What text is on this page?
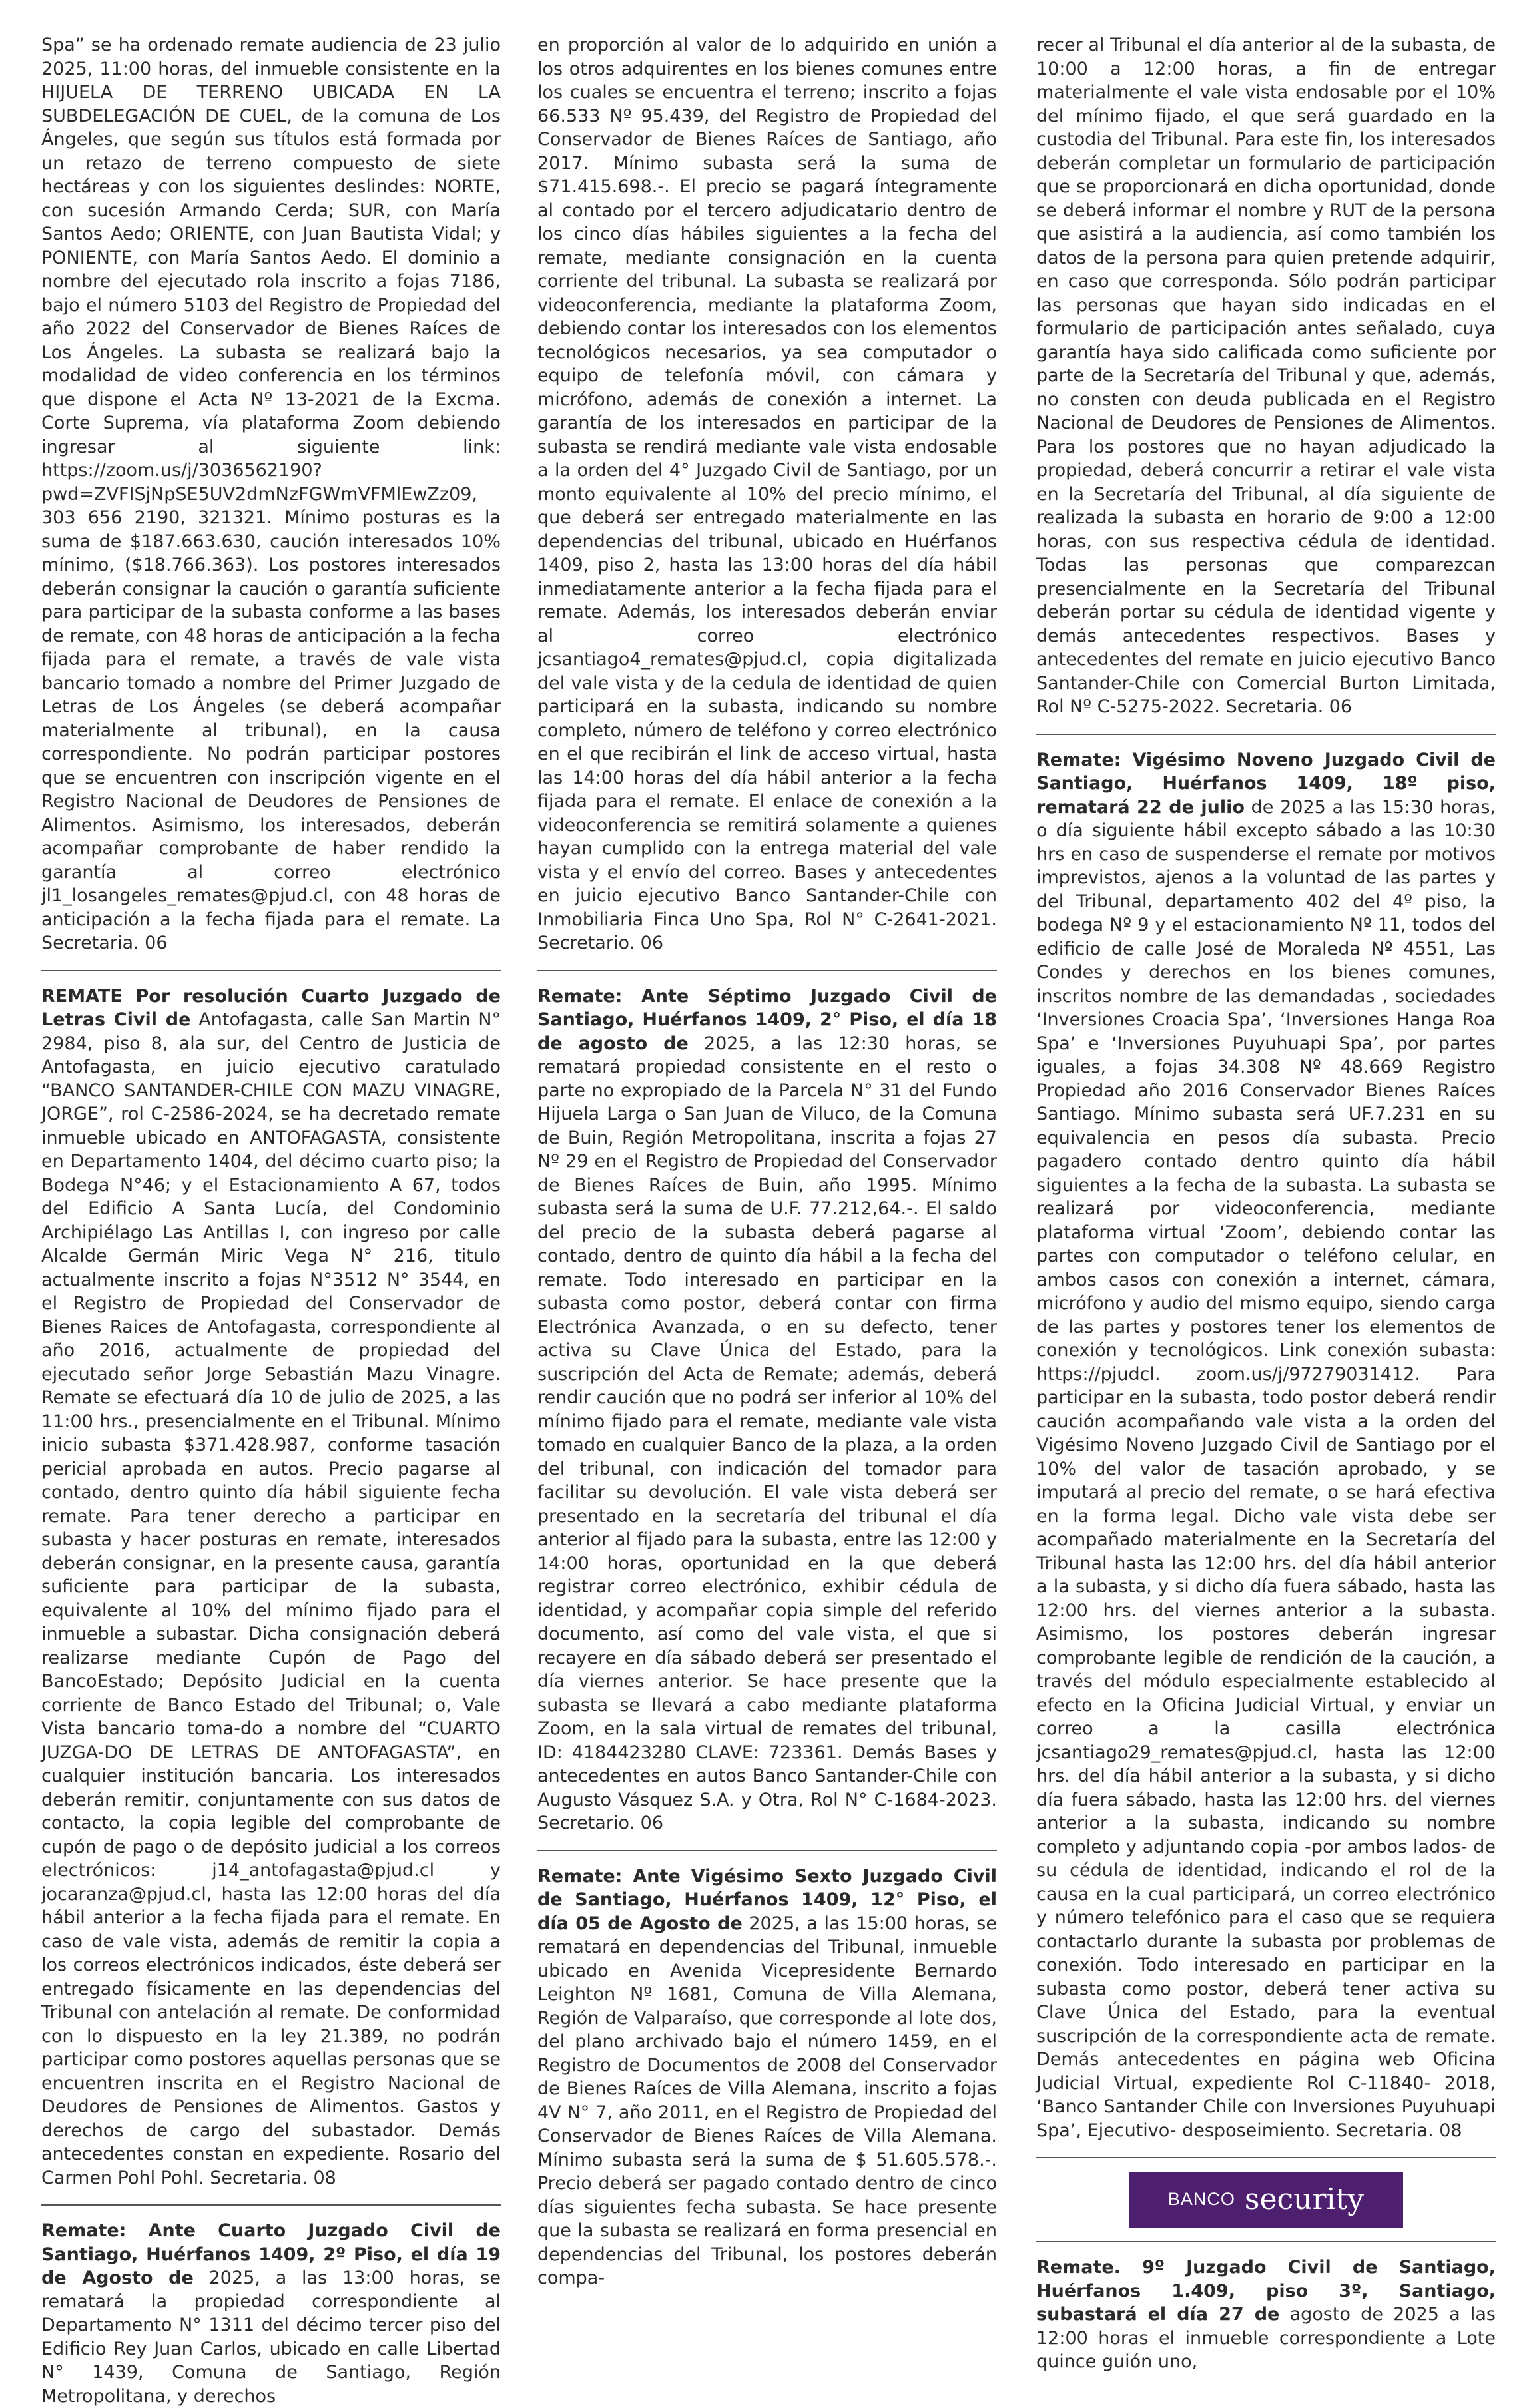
Spa” se ha ordenado remate audiencia de 23 julio 2025, 11:00 horas, del inmueble consistente en la HIJUELA DE TERRENO UBICADA EN LA SUBDELEGACIÓN DE CUEL, de la comuna de Los Ángeles, que según sus títulos está formada por un retazo de terreno compuesto de siete hectáreas y con los siguientes deslindes: NORTE, con sucesión Armando Cerda; SUR, con María Santos Aedo; ORIENTE, con Juan Bautista Vidal; y PONIENTE, con María Santos Aedo. El dominio a nombre del ejecutado rola inscrito a fojas 7186, bajo el número 5103 del Registro de Propiedad del año 2022 del Conservador de Bienes Raíces de Los Ángeles. La subasta se realizará bajo la modalidad de video conferencia en los términos que dispone el Acta Nº 13-2021 de la Excma. Corte Suprema, vía plataforma Zoom debiendo ingresar al siguiente link: https://zoom.us/j/3036562190?pwd=ZVFISjNpSE5UV2dmNzFGWmVFMlEwZz09, 303 656 2190, 321321. Mínimo posturas es la suma de $187.663.630, caución interesados 10% mínimo, ($18.766.363). Los postores interesados deberán consignar la caución o garantía suficiente para participar de la subasta conforme a las bases de remate, con 48 horas de anticipación a la fecha fijada para el remate, a través de vale vista bancario tomado a nombre del Primer Juzgado de Letras de Los Ángeles (se deberá acompañar materialmente al tribunal), en la causa correspondiente. No podrán participar postores que se encuentren con inscripción vigente en el Registro Nacional de Deudores de Pensiones de Alimentos. Asimismo, los interesados, deberán acompañar comprobante de haber rendido la garantía al correo electrónico jl1_losangeles_remates@pjud.cl, con 48 horas de anticipación a la fecha fijada para el remate. La Secretaria. 06

REMATE Por resolución Cuarto Juzgado de Letras Civil de Antofagasta, calle San Martin N° 2984, piso 8, ala sur, del Centro de Justicia de Antofagasta, en juicio ejecutivo caratulado “BANCO SANTANDER-CHILE CON MAZU VINAGRE, JORGE”, rol C-2586-2024, se ha decretado remate inmueble ubicado en ANTOFAGASTA, consistente en Departamento 1404, del décimo cuarto piso; la Bodega N°46; y el Estacionamiento A 67, todos del Edificio A Santa Lucía, del Condominio Archipiélago Las Antillas I, con ingreso por calle Alcalde Germán Miric Vega N° 216, titulo actualmente inscrito a fojas N°3512 N° 3544, en el Registro de Propiedad del Conservador de Bienes Raices de Antofagasta, correspondiente al año 2016, actualmente de propiedad del ejecutado señor Jorge Sebastián Mazu Vinagre. Remate se efectuará día 10 de julio de 2025, a las 11:00 hrs., presencialmente en el Tribunal. Mínimo inicio subasta $371.428.987, conforme tasación pericial aprobada en autos. Precio pagarse al contado, dentro quinto día hábil siguiente fecha remate. Para tener derecho a participar en subasta y hacer posturas en remate, interesados deberán consignar, en la presente causa, garantía suficiente para participar de la subasta, equivalente al 10% del mínimo fijado para el inmueble a subastar. Dicha consignación deberá realizarse mediante Cupón de Pago del BancoEstado; Depósito Judicial en la cuenta corriente de Banco Estado del Tribunal; o, Vale Vista bancario toma-do a nombre del “CUARTO JUZGA-DO DE LETRAS DE ANTOFAGASTA”, en cualquier institución bancaria. Los interesados deberán remitir, conjuntamente con sus datos de contacto, la copia legible del comprobante de cupón de pago o de depósito judicial a los correos electrónicos: j14_antofagasta@pjud.cl y jocaranza@pjud.cl, hasta las 12:00 horas del día hábil anterior a la fecha fijada para el remate. En caso de vale vista, además de remitir la copia a los correos electrónicos indicados, éste deberá ser entregado físicamente en las dependencias del Tribunal con antelación al remate. De conformidad con lo dispuesto en la ley 21.389, no podrán participar como postores aquellas personas que se encuentren inscrita en el Registro Nacional de Deudores de Pensiones de Alimentos. Gastos y derechos de cargo del subastador. Demás antecedentes constan en expediente. Rosario del Carmen Pohl Pohl. Secretaria. 08

Remate: Ante Cuarto Juzgado Civil de Santiago, Huérfanos 1409, 2º Piso, el día 19 de Agosto de 2025, a las 13:00 horas, se rematará la propiedad correspondiente al Departamento N° 1311 del décimo tercer piso del Edificio Rey Juan Carlos, ubicado en calle Libertad N° 1439, Comuna de Santiago, Región Metropolitana, y derechos

en proporción al valor de lo adquirido en unión a los otros adquirentes en los bienes comunes entre los cuales se encuentra el terreno; inscrito a fojas 66.533 Nº 95.439, del Registro de Propiedad del Conservador de Bienes Raíces de Santiago, año 2017. Mínimo subasta será la suma de $71.415.698.-. El precio se pagará íntegramente al contado por el tercero adjudicatario dentro de los cinco días hábiles siguientes a la fecha del remate, mediante consignación en la cuenta corriente del tribunal. La subasta se realizará por videoconferencia, mediante la plataforma Zoom, debiendo contar los interesados con los elementos tecnológicos necesarios, ya sea computador o equipo de telefonía móvil, con cámara y micrófono, además de conexión a internet. La garantía de los interesados en participar de la subasta se rendirá mediante vale vista endosable a la orden del 4° Juzgado Civil de Santiago, por un monto equivalente al 10% del precio mínimo, el que deberá ser entregado materialmente en las dependencias del tribunal, ubicado en Huérfanos 1409, piso 2, hasta las 13:00 horas del día hábil inmediatamente anterior a la fecha fijada para el remate. Además, los interesados deberán enviar al correo electrónico jcsantiago4_remates@pjud.cl, copia digitalizada del vale vista y de la cedula de identidad de quien participará en la subasta, indicando su nombre completo, número de teléfono y correo electrónico en el que recibirán el link de acceso virtual, hasta las 14:00 horas del día hábil anterior a la fecha fijada para el remate. El enlace de conexión a la videoconferencia se remitirá solamente a quienes hayan cumplido con la entrega material del vale vista y el envío del correo. Bases y antecedentes en juicio ejecutivo Banco Santander-Chile con Inmobiliaria Finca Uno Spa, Rol N° C-2641-2021. Secretario. 06

Remate: Ante Séptimo Juzgado Civil de Santiago, Huérfanos 1409, 2° Piso, el día 18 de agosto de 2025, a las 12:30 horas, se rematará propiedad consistente en el resto o parte no expropiado de la Parcela N° 31 del Fundo Hijuela Larga o San Juan de Viluco, de la Comuna de Buin, Región Metropolitana, inscrita a fojas 27 Nº 29 en el Registro de Propiedad del Conservador de Bienes Raíces de Buin, año 1995. Mínimo subasta será la suma de U.F. 77.212,64.-. El saldo del precio de la subasta deberá pagarse al contado, dentro de quinto día hábil a la fecha del remate. Todo interesado en participar en la subasta como postor, deberá contar con firma Electrónica Avanzada, o en su defecto, tener activa su Clave Única del Estado, para la suscripción del Acta de Remate; además, deberá rendir caución que no podrá ser inferior al 10% del mínimo fijado para el remate, mediante vale vista tomado en cualquier Banco de la plaza, a la orden del tribunal, con indicación del tomador para facilitar su devolución. El vale vista deberá ser presentado en la secretaría del tribunal el día anterior al fijado para la subasta, entre las 12:00 y 14:00 horas, oportunidad en la que deberá registrar correo electrónico, exhibir cédula de identidad, y acompañar copia simple del referido documento, así como del vale vista, el que si recayere en día sábado deberá ser presentado el día viernes anterior. Se hace presente que la subasta se llevará a cabo mediante plataforma Zoom, en la sala virtual de remates del tribunal, ID: 4184423280 CLAVE: 723361. Demás Bases y antecedentes en autos Banco Santander-Chile con Augusto Vásquez S.A. y Otra, Rol N° C-1684-2023. Secretario. 06

Remate: Ante Vigésimo Sexto Juzgado Civil de Santiago, Huérfanos 1409, 12° Piso, el día 05 de Agosto de 2025, a las 15:00 horas, se rematará en dependencias del Tribunal, inmueble ubicado en Avenida Vicepresidente Bernardo Leighton Nº 1681, Comuna de Villa Alemana, Región de Valparaíso, que corresponde al lote dos, del plano archivado bajo el número 1459, en el Registro de Documentos de 2008 del Conservador de Bienes Raíces de Villa Alemana, inscrito a fojas 4V N° 7, año 2011, en el Registro de Propiedad del Conservador de Bienes Raíces de Villa Alemana. Mínimo subasta será la suma de $ 51.605.578.-. Precio deberá ser pagado contado dentro de cinco días siguientes fecha subasta. Se hace presente que la subasta se realizará en forma presencial en dependencias del Tribunal, los postores deberán compa-

recer al Tribunal el día anterior al de la subasta, de 10:00 a 12:00 horas, a fin de entregar materialmente el vale vista endosable por el 10% del mínimo fijado, el que será guardado en la custodia del Tribunal. Para este fin, los interesados deberán completar un formulario de participación que se proporcionará en dicha oportunidad, donde se deberá informar el nombre y RUT de la persona que asistirá a la audiencia, así como también los datos de la persona para quien pretende adquirir, en caso que corresponda. Sólo podrán participar las personas que hayan sido indicadas en el formulario de participación antes señalado, cuya garantía haya sido calificada como suficiente por parte de la Secretaría del Tribunal y que, además, no consten con deuda publicada en el Registro Nacional de Deudores de Pensiones de Alimentos. Para los postores que no hayan adjudicado la propiedad, deberá concurrir a retirar el vale vista en la Secretaría del Tribunal, al día siguiente de realizada la subasta en horario de 9:00 a 12:00 horas, con sus respectiva cédula de identidad. Todas las personas que comparezcan presencialmente en la Secretaría del Tribunal deberán portar su cédula de identidad vigente y demás antecedentes respectivos. Bases y antecedentes del remate en juicio ejecutivo Banco Santander-Chile con Comercial Burton Limitada, Rol Nº C-5275-2022. Secretaria. 06

Remate: Vigésimo Noveno Juzgado Civil de Santiago, Huérfanos 1409, 18º piso, rematará 22 de julio de 2025 a las 15:30 horas, o día siguiente hábil excepto sábado a las 10:30 hrs en caso de suspenderse el remate por motivos imprevistos, ajenos a la voluntad de las partes y del Tribunal, departamento 402 del 4º piso, la bodega Nº 9 y el estacionamiento Nº 11, todos del edificio de calle José de Moraleda Nº 4551, Las Condes y derechos en los bienes comunes, inscritos nombre de las demandadas , sociedades ‘Inversiones Croacia Spa’, ‘Inversiones Hanga Roa Spa’ e ‘Inversiones Puyuhuapi Spa’, por partes iguales, a fojas 34.308 Nº 48.669 Registro Propiedad año 2016 Conservador Bienes Raíces Santiago. Mínimo subasta será UF.7.231 en su equivalencia en pesos día subasta. Precio pagadero contado dentro quinto día hábil siguientes a la fecha de la subasta. La subasta se realizará por videoconferencia, mediante plataforma virtual ‘Zoom’, debiendo contar las partes con computador o teléfono celular, en ambos casos con conexión a internet, cámara, micrófono y audio del mismo equipo, siendo carga de las partes y postores tener los elementos de conexión y tecnológicos. Link conexión subasta: https://pjudcl. zoom.us/j/97279031412. Para participar en la subasta, todo postor deberá rendir caución acompañando vale vista a la orden del Vigésimo Noveno Juzgado Civil de Santiago por el 10% del valor de tasación aprobado, y se imputará al precio del remate, o se hará efectiva en la forma legal. Dicho vale vista debe ser acompañado materialmente en la Secretaría del Tribunal hasta las 12:00 hrs. del día hábil anterior a la subasta, y si dicho día fuera sábado, hasta las 12:00 hrs. del viernes anterior a la subasta. Asimismo, los postores deberán ingresar comprobante legible de rendición de la caución, a través del módulo especialmente establecido al efecto en la Oficina Judicial Virtual, y enviar un correo a la casilla electrónica jcsantiago29_remates@pjud.cl, hasta las 12:00 hrs. del día hábil anterior a la subasta, y si dicho día fuera sábado, hasta las 12:00 hrs. del viernes anterior a la subasta, indicando su nombre completo y adjuntando copia -por ambos lados- de su cédula de identidad, indicando el rol de la causa en la cual participará, un correo electrónico y número telefónico para el caso que se requiera contactarlo durante la subasta por problemas de conexión. Todo interesado en participar en la subasta como postor, deberá tener activa su Clave Única del Estado, para la eventual suscripción de la correspondiente acta de remate. Demás antecedentes en página web Oficina Judicial Virtual, expediente Rol C-11840- 2018, ‘Banco Santander Chile con Inversiones Puyuhuapi Spa’, Ejecutivo- desposeimiento. Secretaria. 08

BANCO security

Remate. 9º Juzgado Civil de Santiago, Huérfanos 1.409, piso 3º, Santiago, subastará el día 27 de agosto de 2025 a las 12:00 horas el inmueble correspondiente a Lote quince guión uno,
